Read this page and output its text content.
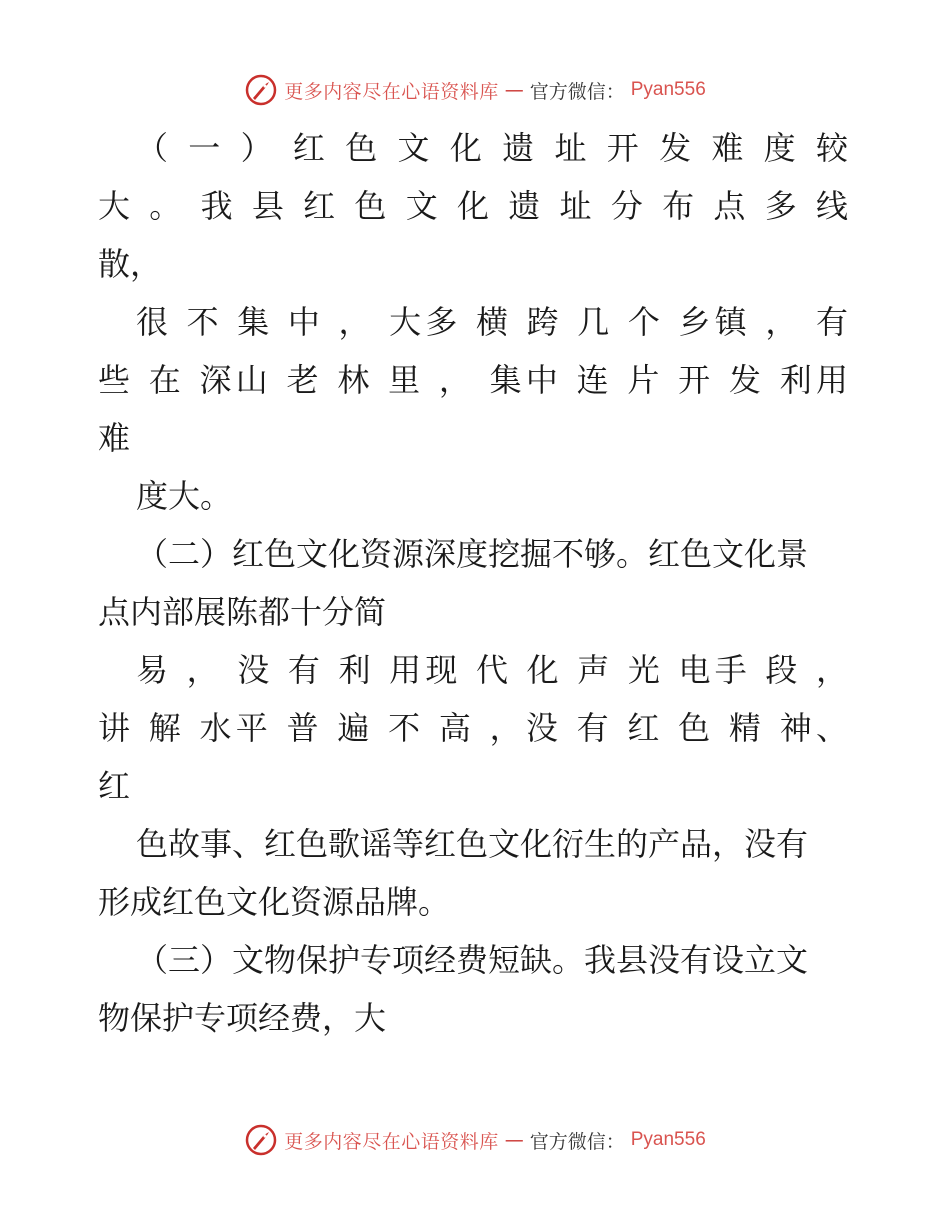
更多内容尽在心语资料库 — 官方微信： Pyan556
（ 一 ） 红 色 文 化 遗 址 开 发 难 度 较
大 。 我 县 红 色 文 化 遗 址 分 布 点 多 线
散，
很 不 集 中 ， 大多 横 跨 几 个 乡镇 ， 有
些 在 深山 老 林 里 ， 集中 连 片 开 发 利用
难
度大。
（二）红色文化资源深度挖掘不够。红色文化景
点内部展陈都十分简
易 ， 没 有 利 用现 代 化 声 光 电手 段 ，
讲 解 水平 普 遍 不 高 ，没 有 红 色 精 神、
红
色故事、红色歌谣等红色文化衍生的产品，没有
形成红色文化资源品牌。
（三）文物保护专项经费短缺。我县没有设立文
物保护专项经费，大
更多内容尽在心语资料库 — 官方微信： Pyan556
